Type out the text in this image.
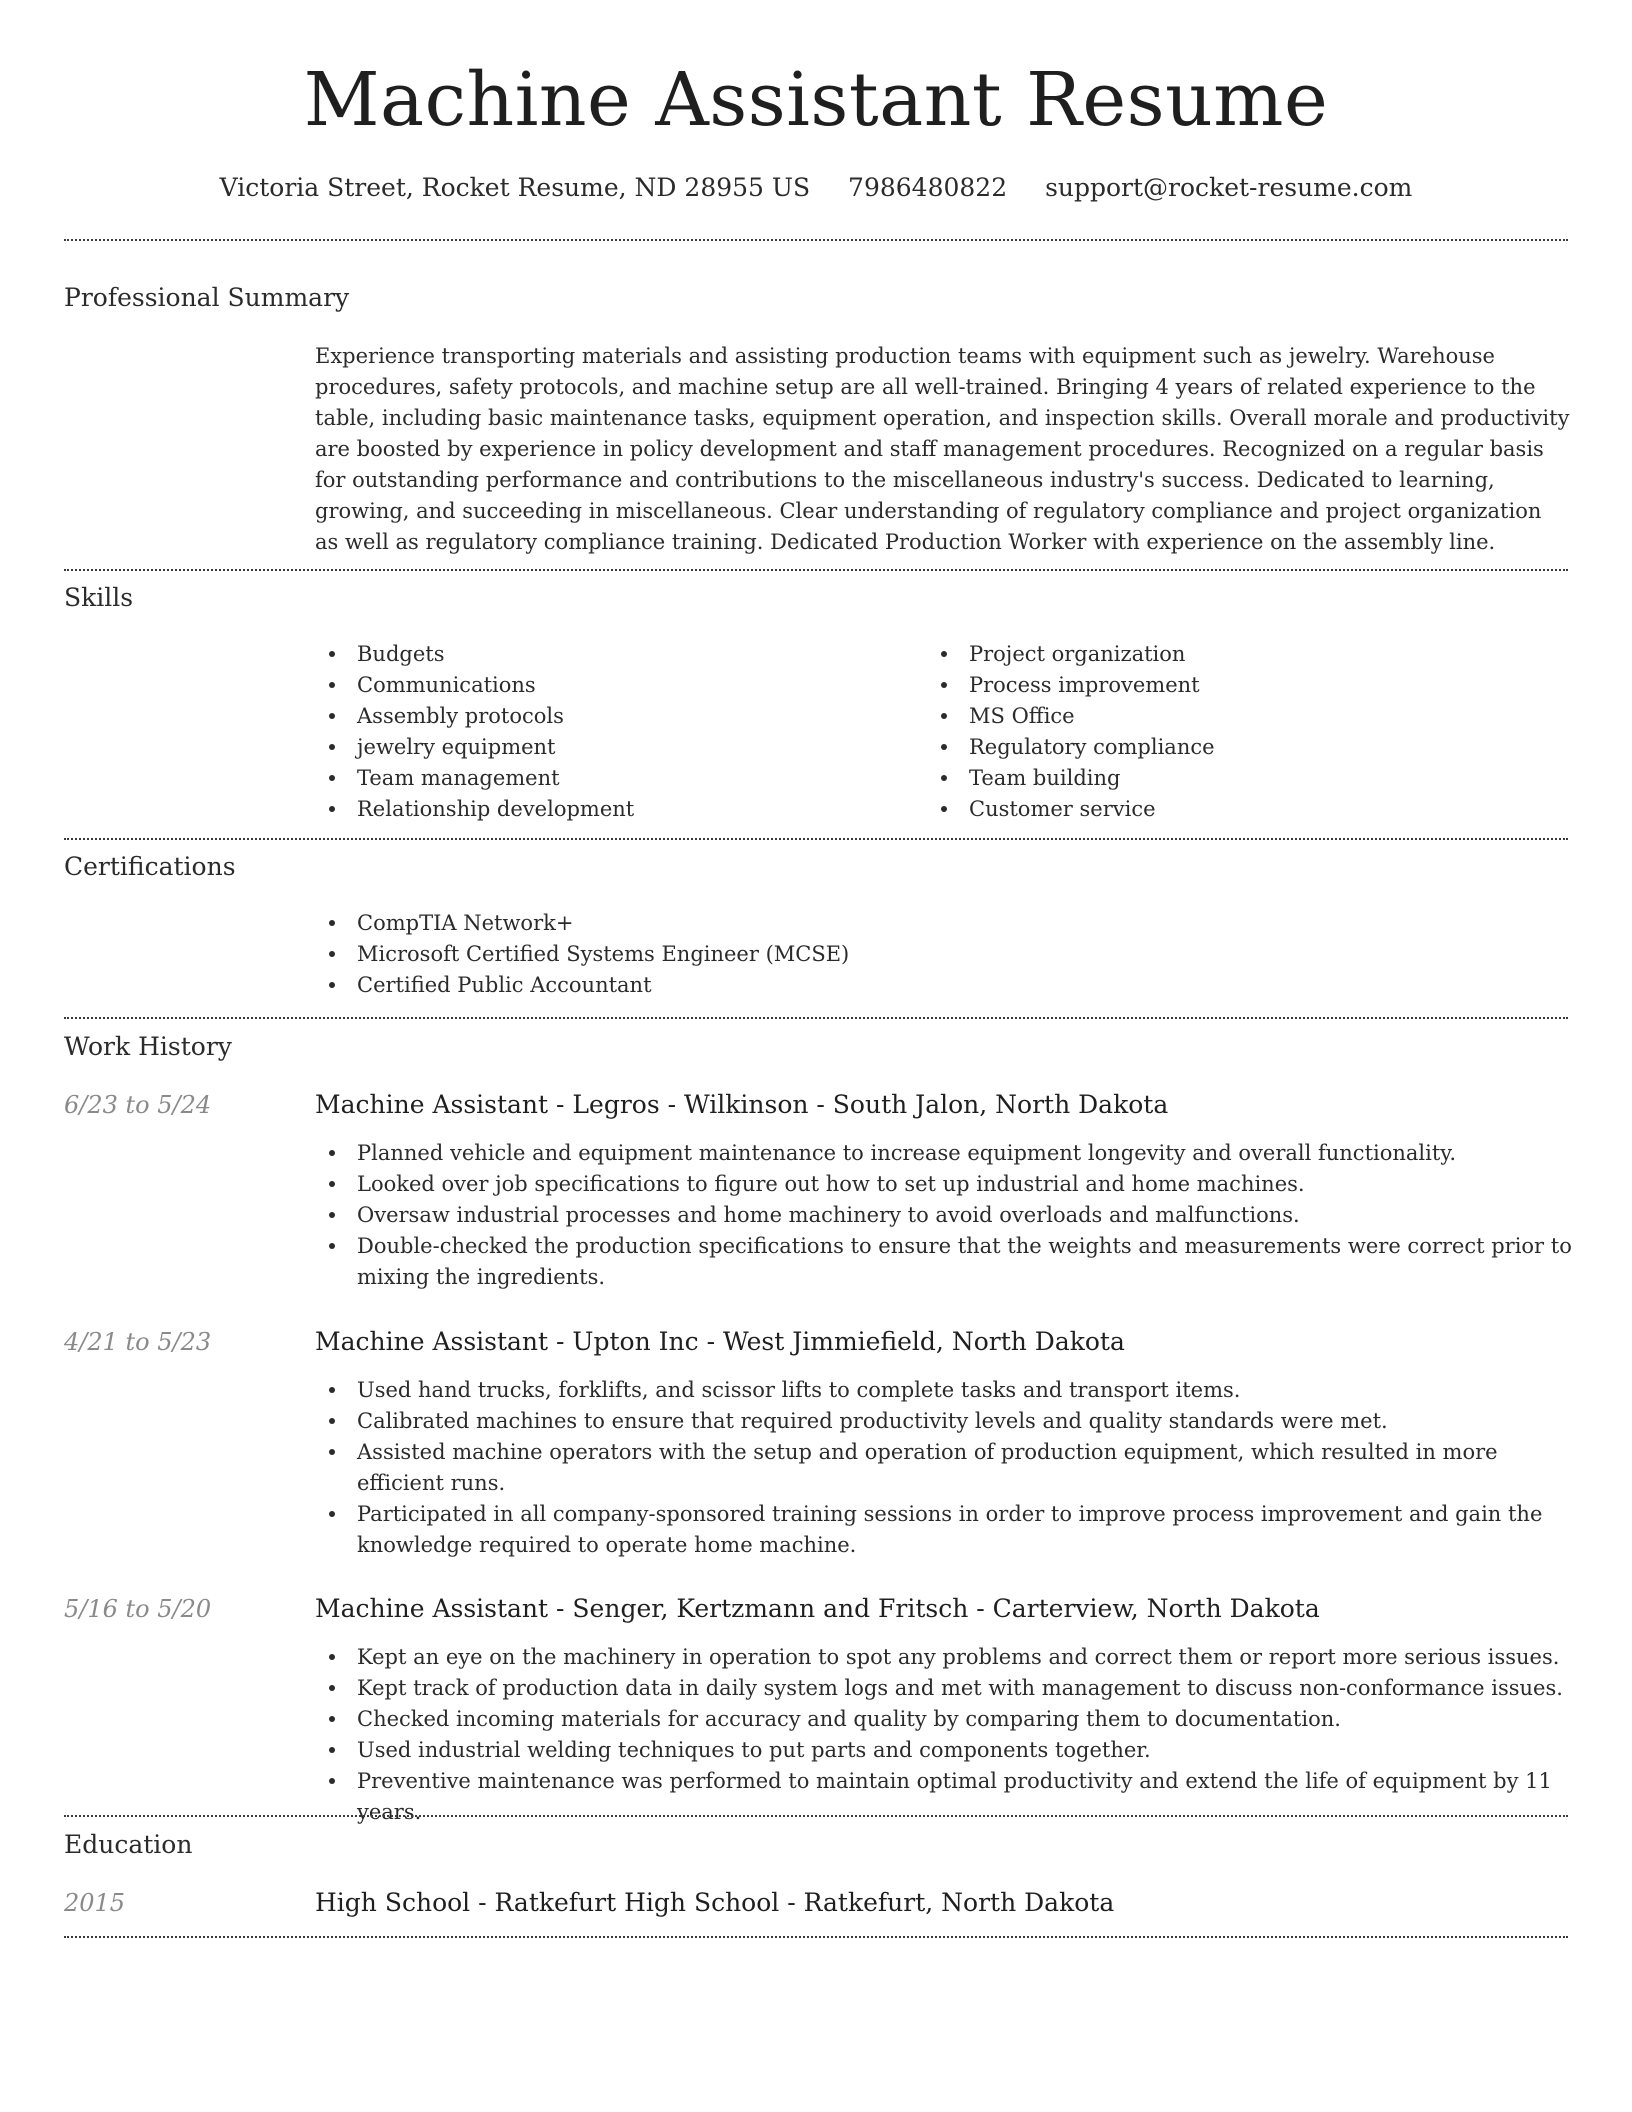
Machine Assistant Resume
Victoria Street, Rocket Resume, ND 28955 US 7986480822 support@rocket-resume.com
Professional Summary
Experience transporting materials and assisting production teams with equipment such as jewelry. Warehouse procedures, safety protocols, and machine setup are all well-trained. Bringing 4 years of related experience to the table, including basic maintenance tasks, equipment operation, and inspection skills. Overall morale and productivity are boosted by experience in policy development and staff management procedures. Recognized on a regular basis for outstanding performance and contributions to the miscellaneous industry's success. Dedicated to learning, growing, and succeeding in miscellaneous. Clear understanding of regulatory compliance and project organization as well as regulatory compliance training. Dedicated Production Worker with experience on the assembly line.
Skills
Budgets
Communications
Assembly protocols
jewelry equipment
Team management
Relationship development
Project organization
Process improvement
MS Office
Regulatory compliance
Team building
Customer service
Certifications
CompTIA Network+
Microsoft Certified Systems Engineer (MCSE)
Certified Public Accountant
Work History
6/23 to 5/24	Machine Assistant - Legros - Wilkinson - South Jalon, North Dakota
Planned vehicle and equipment maintenance to increase equipment longevity and overall functionality.
Looked over job specifications to figure out how to set up industrial and home machines.
Oversaw industrial processes and home machinery to avoid overloads and malfunctions.
Double-checked the production specifications to ensure that the weights and measurements were correct prior to mixing the ingredients.
4/21 to 5/23	Machine Assistant - Upton Inc - West Jimmiefield, North Dakota
Used hand trucks, forklifts, and scissor lifts to complete tasks and transport items.
Calibrated machines to ensure that required productivity levels and quality standards were met.
Assisted machine operators with the setup and operation of production equipment, which resulted in more efficient runs.
Participated in all company-sponsored training sessions in order to improve process improvement and gain the knowledge required to operate home machine.
5/16 to 5/20	Machine Assistant - Senger, Kertzmann and Fritsch - Carterview, North Dakota
Kept an eye on the machinery in operation to spot any problems and correct them or report more serious issues.
Kept track of production data in daily system logs and met with management to discuss non-conformance issues.
Checked incoming materials for accuracy and quality by comparing them to documentation.
Used industrial welding techniques to put parts and components together.
Preventive maintenance was performed to maintain optimal productivity and extend the life of equipment by 11 years.
Education
2015	High School - Ratkefurt High School - Ratkefurt, North Dakota
